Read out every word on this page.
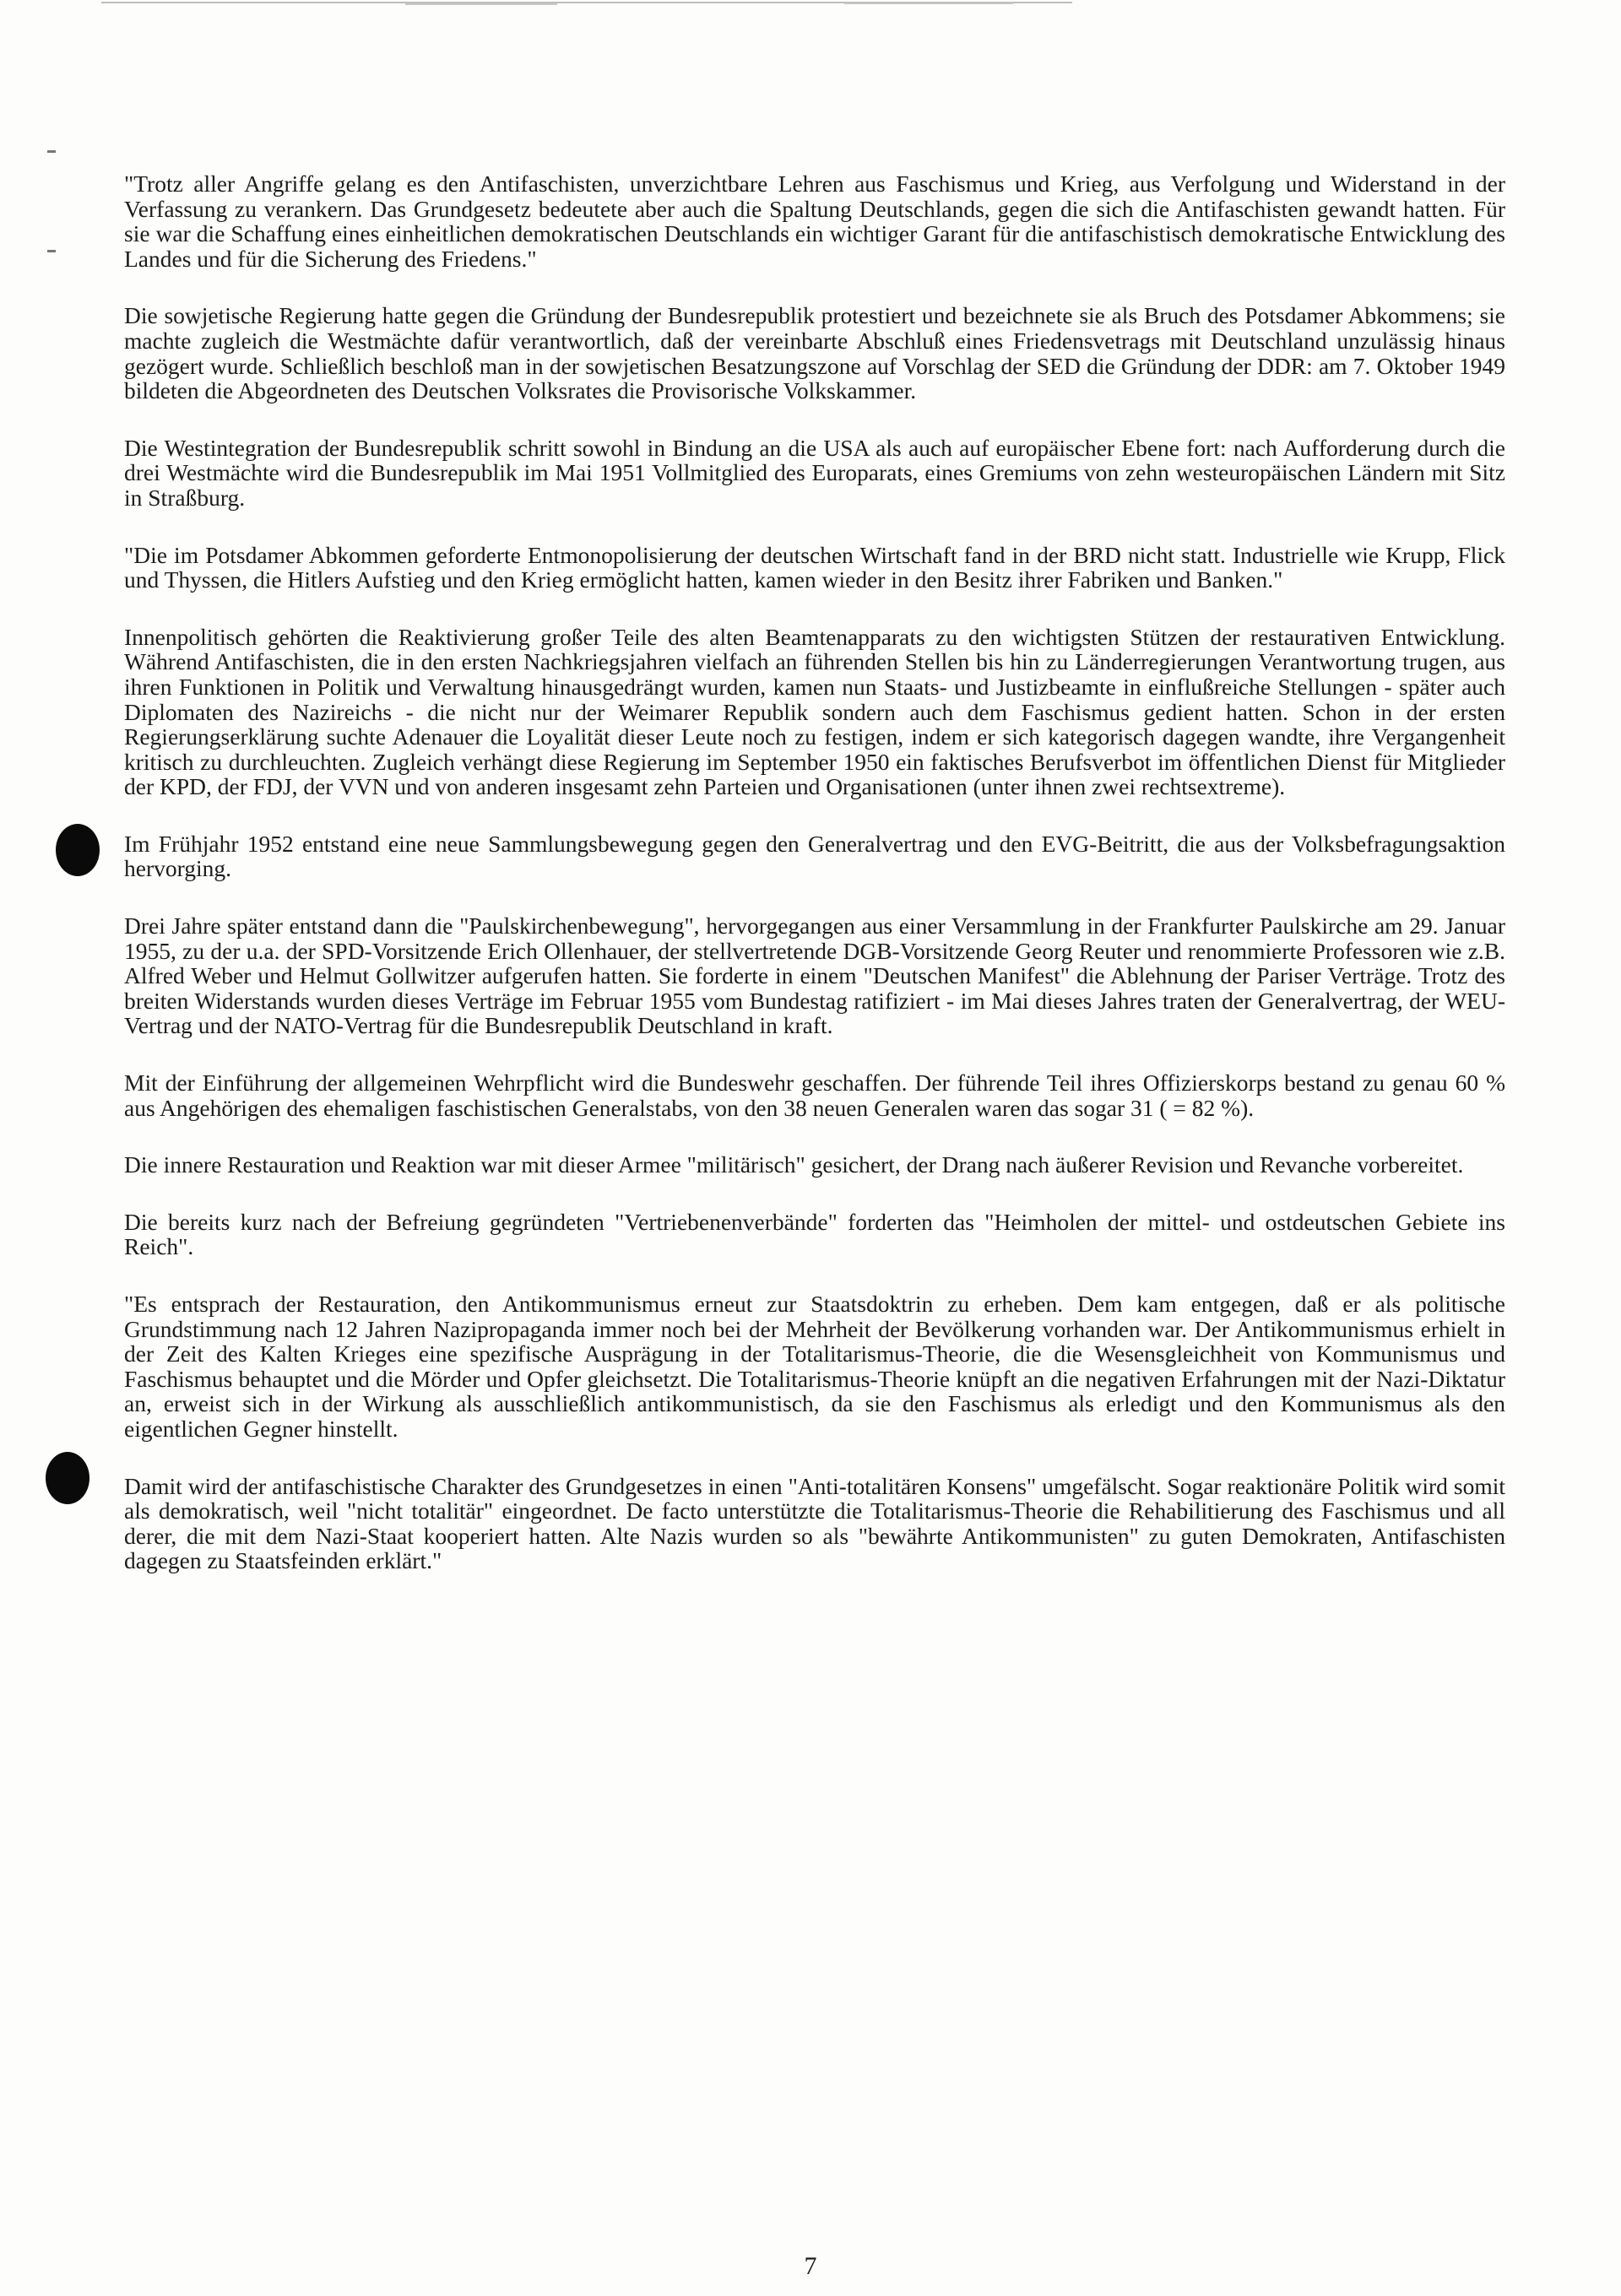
"Trotz aller Angriffe gelang es den Antifaschisten, unverzichtbare Lehren aus Faschismus und Krieg, aus Verfolgung und Widerstand in der Verfassung zu verankern. Das Grundgesetz bedeutete aber auch die Spaltung Deutschlands, gegen die sich die Antifaschisten gewandt hatten. Für sie war die Schaffung eines einheitlichen demokratischen Deutschlands ein wichtiger Garant für die antifaschistisch demokratische Entwicklung des Landes und für die Sicherung des Friedens."

Die sowjetische Regierung hatte gegen die Gründung der Bundesrepublik protestiert und bezeichnete sie als Bruch des Potsdamer Abkommens; sie machte zugleich die Westmächte dafür verantwortlich, daß der vereinbarte Abschluß eines Friedensvetrags mit Deutschland unzulässig hinaus gezögert wurde. Schließlich beschloß man in der sowjetischen Besatzungszone auf Vorschlag der SED die Gründung der DDR: am 7. Oktober 1949 bildeten die Abgeordneten des Deutschen Volksrates die Provisorische Volkskammer.

Die Westintegration der Bundesrepublik schritt sowohl in Bindung an die USA als auch auf europäischer Ebene fort: nach Aufforderung durch die drei Westmächte wird die Bundesrepublik im Mai 1951 Vollmitglied des Europarats, eines Gremiums von zehn westeuropäischen Ländern mit Sitz in Straßburg.

"Die im Potsdamer Abkommen geforderte Entmonopolisierung der deutschen Wirtschaft fand in der BRD nicht statt. Industrielle wie Krupp, Flick und Thyssen, die Hitlers Aufstieg und den Krieg ermöglicht hatten, kamen wieder in den Besitz ihrer Fabriken und Banken."

Innenpolitisch gehörten die Reaktivierung großer Teile des alten Beamtenapparats zu den wichtigsten Stützen der restaurativen Entwicklung. Während Antifaschisten, die in den ersten Nachkriegsjahren vielfach an führenden Stellen bis hin zu Länderregierungen Verantwortung trugen, aus ihren Funktionen in Politik und Verwaltung hinausgedrängt wurden, kamen nun Staats- und Justizbeamte in einflußreiche Stellungen - später auch Diplomaten des Nazireichs - die nicht nur der Weimarer Republik sondern auch dem Faschismus gedient hatten. Schon in der ersten Regierungserklärung suchte Adenauer die Loyalität dieser Leute noch zu festigen, indem er sich kategorisch dagegen wandte, ihre Vergangenheit kritisch zu durchleuchten. Zugleich verhängt diese Regierung im September 1950 ein faktisches Berufsverbot im öffentlichen Dienst für Mitglieder der KPD, der FDJ, der VVN und von anderen insgesamt zehn Parteien und Organisationen (unter ihnen zwei rechtsextreme).

Im Frühjahr 1952 entstand eine neue Sammlungsbewegung gegen den Generalvertrag und den EVG-Beitritt, die aus der Volksbefragungsaktion hervorging.

Drei Jahre später entstand dann die "Paulskirchenbewegung", hervorgegangen aus einer Versammlung in der Frankfurter Paulskirche am 29. Januar 1955, zu der u.a. der SPD-Vorsitzende Erich Ollenhauer, der stellvertretende DGB-Vorsitzende Georg Reuter und renommierte Professoren wie z.B. Alfred Weber und Helmut Gollwitzer aufgerufen hatten. Sie forderte in einem "Deutschen Manifest" die Ablehnung der Pariser Verträge. Trotz des breiten Widerstands wurden dieses Verträge im Februar 1955 vom Bundestag ratifiziert - im Mai dieses Jahres traten der Generalvertrag, der WEU-Vertrag und der NATO-Vertrag für die Bundesrepublik Deutschland in kraft.

Mit der Einführung der allgemeinen Wehrpflicht wird die Bundeswehr geschaffen. Der führende Teil ihres Offizierskorps bestand zu genau 60 % aus Angehörigen des ehemaligen faschistischen Generalstabs, von den 38 neuen Generalen waren das sogar 31 ( = 82 %).

Die innere Restauration und Reaktion war mit dieser Armee "militärisch" gesichert, der Drang nach äußerer Revision und Revanche vorbereitet.

Die bereits kurz nach der Befreiung gegründeten "Vertriebenenverbände" forderten das "Heimholen der mittel- und ostdeutschen Gebiete ins Reich".

"Es entsprach der Restauration, den Antikommunismus erneut zur Staatsdoktrin zu erheben. Dem kam entgegen, daß er als politische Grundstimmung nach 12 Jahren Nazipropaganda immer noch bei der Mehrheit der Bevölkerung vorhanden war. Der Antikommunismus erhielt in der Zeit des Kalten Krieges eine spezifische Ausprägung in der Totalitarismus-Theorie, die die Wesensgleichheit von Kommunismus und Faschismus behauptet und die Mörder und Opfer gleichsetzt. Die Totalitarismus-Theorie knüpft an die negativen Erfahrungen mit der Nazi-Diktatur an, erweist sich in der Wirkung als ausschließlich antikommunistisch, da sie den Faschismus als erledigt und den Kommunismus als den eigentlichen Gegner hinstellt.

Damit wird der antifaschistische Charakter des Grundgesetzes in einen "Anti-totalitären Konsens" umgefälscht. Sogar reaktionäre Politik wird somit als demokratisch, weil "nicht totalitär" eingeordnet. De facto unterstützte die Totalitarismus-Theorie die Rehabilitierung des Faschismus und all derer, die mit dem Nazi-Staat kooperiert hatten. Alte Nazis wurden so als "bewährte Antikommunisten" zu guten Demokraten, Antifaschisten dagegen zu Staatsfeinden erklärt."

7
